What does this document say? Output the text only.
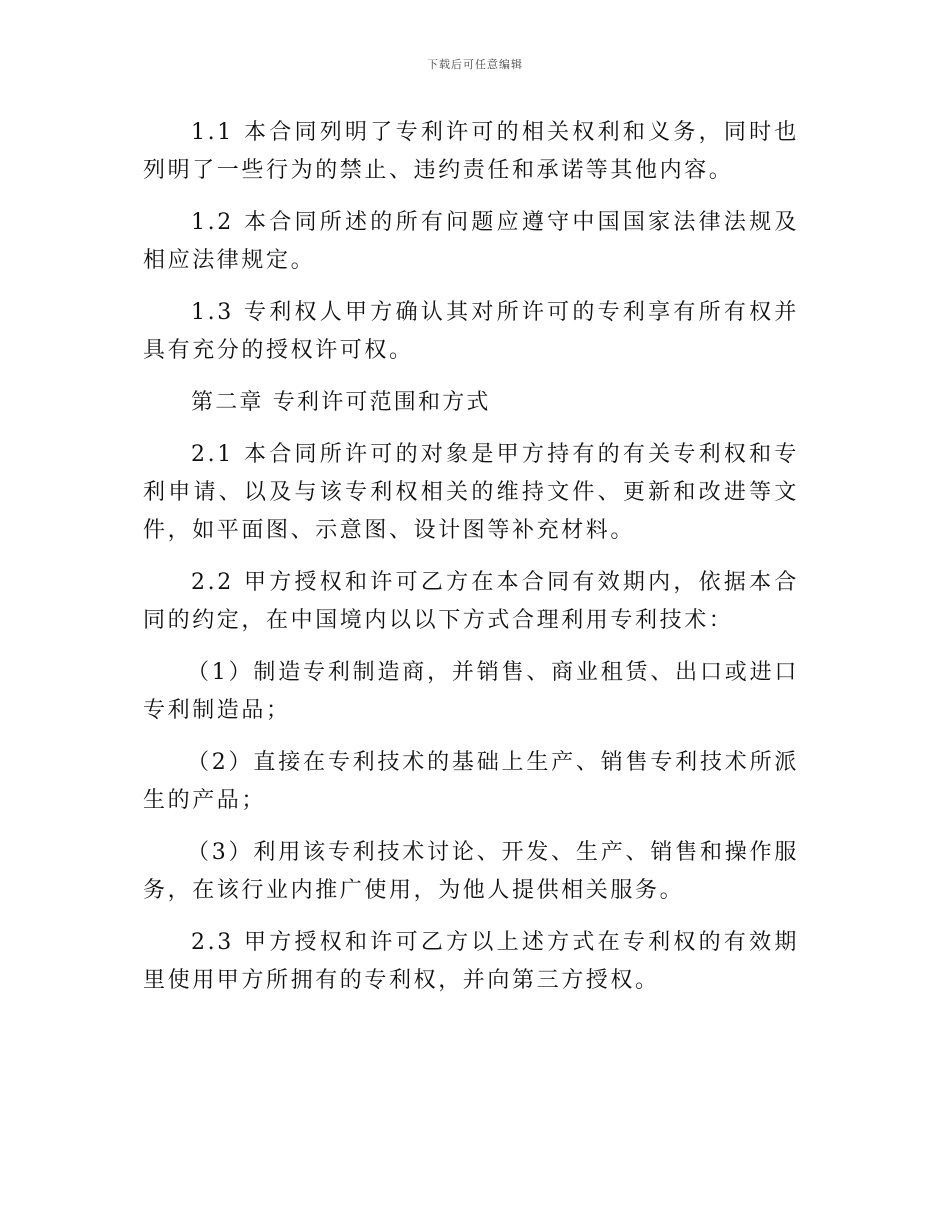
下载后可任意编辑

1.1 本合同列明了专利许可的相关权利和义务，同时也列明了一些行为的禁止、违约责任和承诺等其他内容。

1.2 本合同所述的所有问题应遵守中国国家法律法规及相应法律规定。

1.3 专利权人甲方确认其对所许可的专利享有所有权并具有充分的授权许可权。

第二章 专利许可范围和方式

2.1 本合同所许可的对象是甲方持有的有关专利权和专利申请、以及与该专利权相关的维持文件、更新和改进等文件，如平面图、示意图、设计图等补充材料。

2.2 甲方授权和许可乙方在本合同有效期内，依据本合同的约定，在中国境内以以下方式合理利用专利技术：

（1）制造专利制造商，并销售、商业租赁、出口或进口专利制造品；

（2）直接在专利技术的基础上生产、销售专利技术所派生的产品；

（3）利用该专利技术讨论、开发、生产、销售和操作服务，在该行业内推广使用，为他人提供相关服务。

2.3 甲方授权和许可乙方以上述方式在专利权的有效期里使用甲方所拥有的专利权，并向第三方授权。
